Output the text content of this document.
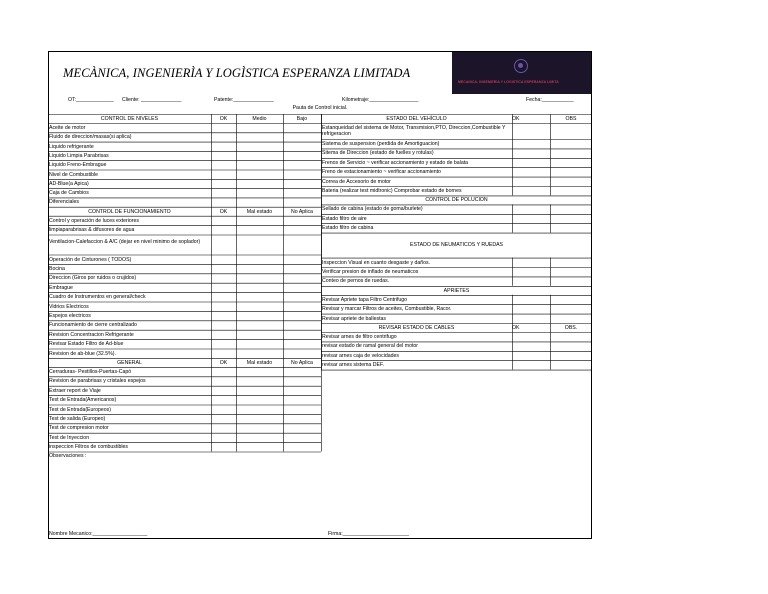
MECÀNICA, INGENIERÌA Y LOGÌSTICA ESPERANZA LIMITADA
MECANICA, INGENIERIA Y LOGISTICA ESPERANZA LIMITA
OT:_____________ Cliente: ______________	Patente:______________	Kilometraje:_________________	Fecha:___________
Pauta de Control inicial.
CONTROL DE NIVELES	OK	Medio	Bajo
Aceite de motor
Fluido de direccion/masas(si aplica)
Liquido refrigerante
Liquido Limpia Parabrisas
Liquido Freno-Embrague
Nivel de Combustible
AD-Blue(a Apica)
Caja de Cambios
Diferenciales
CONTROL DE FUNCIONAMIENTO	OK	Mal estado	No Aplica
Control y operación de luces exteriores
limpiaparabrisas & difusores de agua
Ventilacion-Calefaccion & A/C (dejar en nivel minimo de soplador)
Operación de Cinturones ( TODOS)
Bocina
Direccion (Giros por ruidos o crujidos)
Embrague
Cuadro de Instrumentos en general/check
Vidrios Electricos
Espejos electricos
Funcionamiento de cierre centralizado
Revision Concentracion Refrigerante
Revisar Estado Filtro de Ad-blue
Revision de ab-blue (32.5%).
GENERAL	OK	Mal estado	No Aplica
Cerraduras- Pestillos-Puertas-Capó
Revision de parabrisas y cristales espejos
Extraer report de Viaje
Test de Entrada(Americanos)
Test de Entrada(Europeos)
Test de salida (Europeo)
Test de compresion motor
Test de Inyeccion
inspeccion Filtros de combustibles
Observaciones :
ESTADO DEL VEHÌCULO	OK	OBS
Estanqueidad del sistema de Motor, Transmision,PTO, Direccion,Combustible Y refrigeracion
Sistema de suspension (perdida de Amortiguacion)
Sitema de Direccion (estado de fuelles y rotulas)
Frenos de Servicio ~ verificar accionamiento y estado de balata
Freno de estacionamiento ~ verificar accionamiento
Correa de Accesorio de motor
Bateria (realizar test midtronic) Comprobar estado de bornes
CONTROL DE POLUCION
Sellado de cabina (estado de goma/burlete)
Estado filtro de aire
Estado filtro de cabina
ESTADO DE NEUMATICOS Y RUEDAS
Inspeccion Visual en cuanto desgaste y daños.
Verificar presion de inflado de neumaticos
Conteo de pernos de ruedas.
APRIETES
Revisar Apriete tapa Filtro Centrifugo
Revisar y marcar Filtros de aceites, Combustible, Racor.
Revisar apriete de ballestas
REVISAR ESTADO DE CABLES	OK	OBS.
Revisar arnes de filtro centrifugo
revisar estado de ramal general del motor
revisar arnes caja de velocidades
revisar arnes sistema DEF.
Nombre Mecanico:___________________	Firma:_______________________
